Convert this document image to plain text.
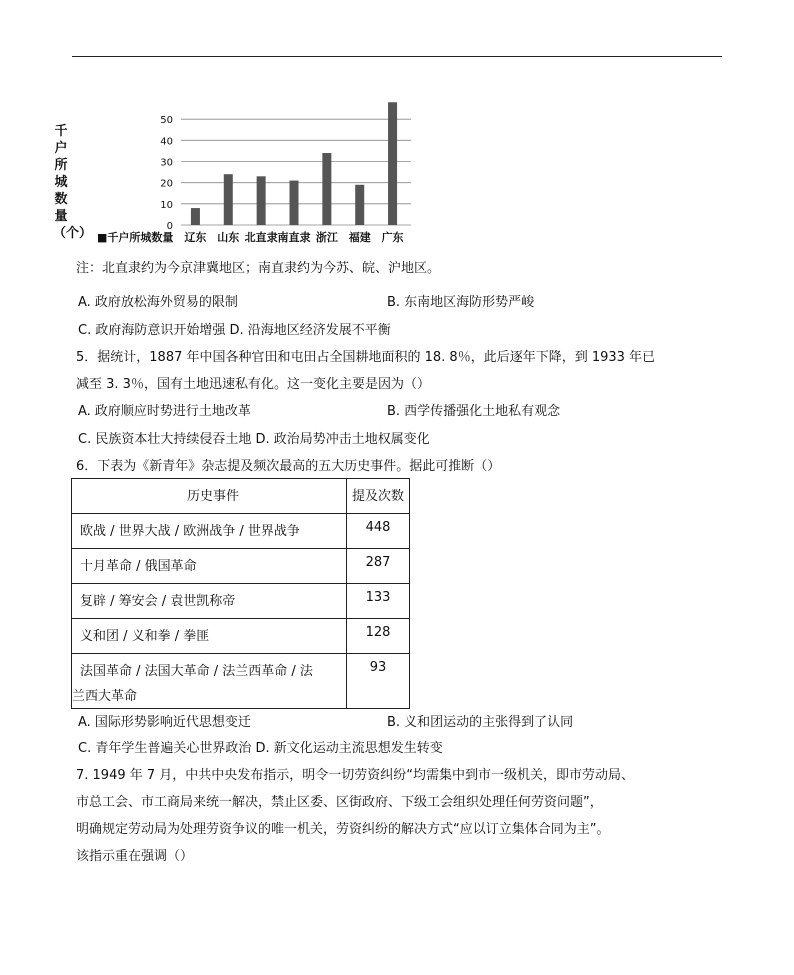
千户所城数量（个）	0
10
20
30
40
50
辽东 山东 北直隶 南直隶 浙江 福建 广东
■千户所城数量
注：北直隶约为今京津冀地区；南直隶约为今苏、皖、沪地区。
A. 政府放松海外贸易的限制	B. 东南地区海防形势严峻
C. 政府海防意识开始增强 D. 沿海地区经济发展不平衡
5．据统计，1887 年中国各种官田和屯田占全国耕地面积的 18. 8％，此后逐年下降，到 1933 年已
减至 3. 3％，国有土地迅速私有化。这一变化主要是因为（）
A. 政府顺应时势进行土地改革	B. 西学传播强化土地私有观念
C. 民族资本壮大持续侵吞土地 D. 政治局势冲击土地权属变化
6．下表为《新青年》杂志提及频次最高的五大历史事件。据此可推断（）
历史事件	提及次数

欧战 / 世界大战 / 欧洲战争 / 世界战争	448

十月革命 / 俄国革命	287

复辟 / 筹安会 / 袁世凯称帝	133

义和团 / 义和拳 / 拳匪	128

法国革命 / 法国大革命 / 法兰西革命 / 法
兰西大革命	93
A. 国际形势影响近代思想变迁	B. 义和团运动的主张得到了认同
C. 青年学生普遍关心世界政治 D. 新文化运动主流思想发生转变
7. 1949 年 7 月，中共中央发布指示，明令一切劳资纠纷“均需集中到市一级机关，即市劳动局、
市总工会、市工商局来统一解决，禁止区委、区街政府、下级工会组织处理任何劳资问题”，
明确规定劳动局为处理劳资争议的唯一机关，劳资纠纷的解决方式“应以订立集体合同为主”。
该指示重在强调（）
